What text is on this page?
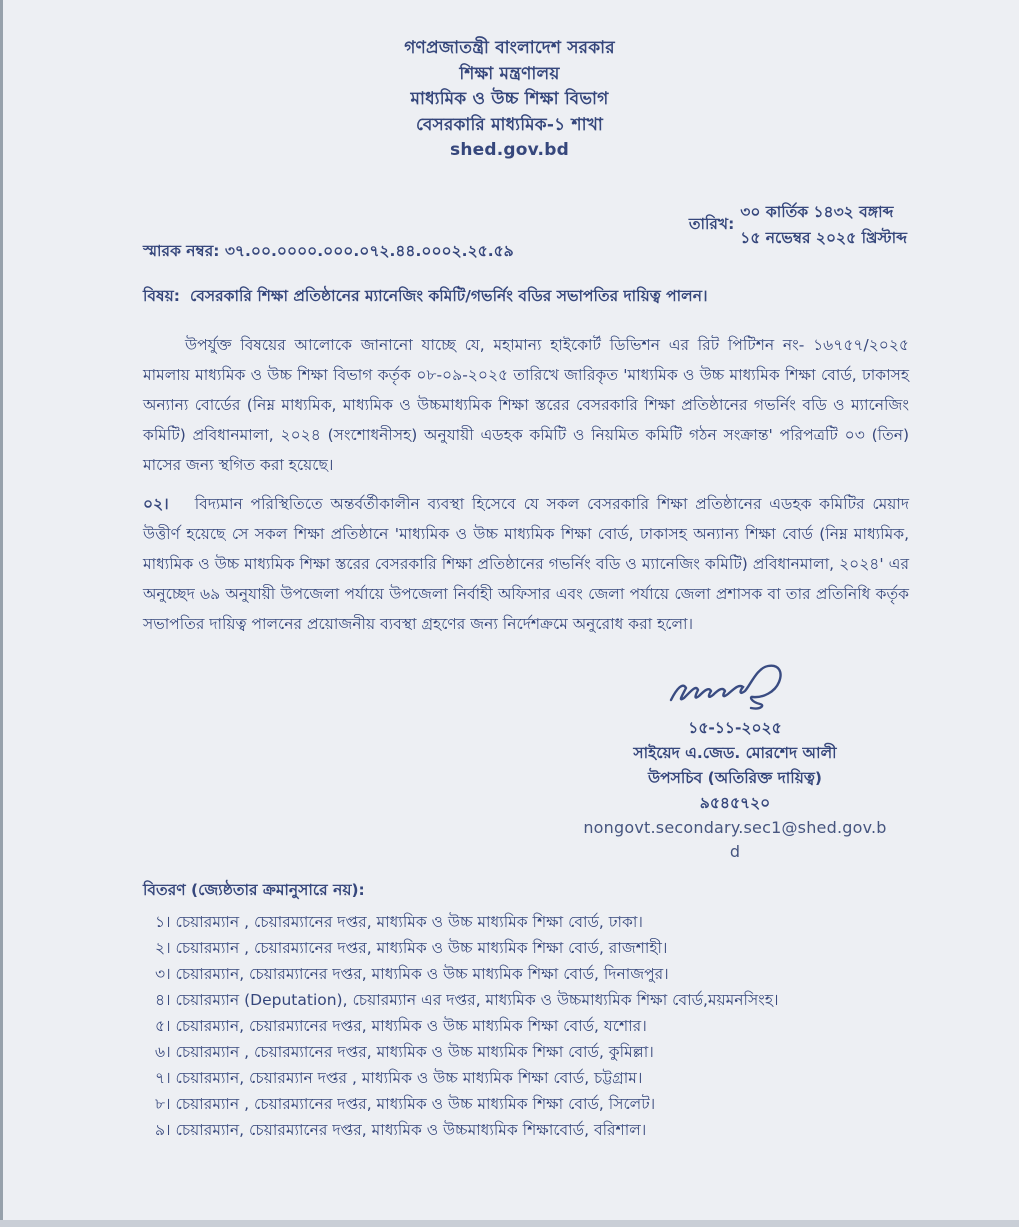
গণপ্রজাতন্ত্রী বাংলাদেশ সরকার
শিক্ষা মন্ত্রণালয়
মাধ্যমিক ও উচ্চ শিক্ষা বিভাগ
বেসরকারি মাধ্যমিক-১ শাখা
shed.gov.bd
স্মারক নম্বর: ৩৭.০০.০০০০.০০০.০৭২.৪৪.০০০২.২৫.৫৯
তারিখ:
৩০ কার্তিক ১৪৩২ বঙ্গাব্দ
১৫ নভেম্বর ২০২৫ খ্রিস্টাব্দ
বিষয়: বেসরকারি শিক্ষা প্রতিষ্ঠানের ম্যানেজিং কমিটি/গভর্নিং বডির সভাপতির দায়িত্ব পালন।
উপর্যুক্ত বিষয়ের আলোকে জানানো যাচ্ছে যে, মহামান্য হাইকোর্ট ডিভিশন এর রিট পিটিশন নং- ১৬৭৫৭/২০২৫ মামলায় মাধ্যমিক ও উচ্চ শিক্ষা বিভাগ কর্তৃক ০৮-০৯-২০২৫ তারিখে জারিকৃত 'মাধ্যমিক ও উচ্চ মাধ্যমিক শিক্ষা বোর্ড, ঢাকাসহ অন্যান্য বোর্ডের (নিম্ন মাধ্যমিক, মাধ্যমিক ও উচ্চমাধ্যমিক শিক্ষা স্তরের বেসরকারি শিক্ষা প্রতিষ্ঠানের গভর্নিং বডি ও ম্যানেজিং কমিটি) প্রবিধানমালা, ২০২৪ (সংশোধনীসহ) অনুযায়ী এডহক কমিটি ও নিয়মিত কমিটি গঠন সংক্রান্ত' পরিপত্রটি ০৩ (তিন) মাসের জন্য স্থগিত করা হয়েছে।
০২। বিদ্যমান পরিস্থিতিতে অন্তর্বর্তীকালীন ব্যবস্থা হিসেবে যে সকল বেসরকারি শিক্ষা প্রতিষ্ঠানের এডহক কমিটির মেয়াদ উত্তীর্ণ হয়েছে সে সকল শিক্ষা প্রতিষ্ঠানে 'মাধ্যমিক ও উচ্চ মাধ্যমিক শিক্ষা বোর্ড, ঢাকাসহ অন্যান্য শিক্ষা বোর্ড (নিম্ন মাধ্যমিক, মাধ্যমিক ও উচ্চ মাধ্যমিক শিক্ষা স্তরের বেসরকারি শিক্ষা প্রতিষ্ঠানের গভর্নিং বডি ও ম্যানেজিং কমিটি) প্রবিধানমালা, ২০২৪' এর অনুচ্ছেদ ৬৯ অনুযায়ী উপজেলা পর্যায়ে উপজেলা নির্বাহী অফিসার এবং জেলা পর্যায়ে জেলা প্রশাসক বা তার প্রতিনিধি কর্তৃক সভাপতির দায়িত্ব পালনের প্রয়োজনীয় ব্যবস্থা গ্রহণের জন্য নির্দেশক্রমে অনুরোধ করা হলো।
১৫-১১-২০২৫
সাইয়েদ এ.জেড. মোরশেদ আলী
উপসচিব (অতিরিক্ত দায়িত্ব)
৯৫৪৫৭২০
nongovt.secondary.sec1@shed.gov.b
d
বিতরণ (জ্যেষ্ঠতার ক্রমানুসারে নয়):
১। চেয়ারম্যান , চেয়ারম্যানের দপ্তর, মাধ্যমিক ও উচ্চ মাধ্যমিক শিক্ষা বোর্ড, ঢাকা।
২। চেয়ারম্যান , চেয়ারম্যানের দপ্তর, মাধ্যমিক ও উচ্চ মাধ্যমিক শিক্ষা বোর্ড, রাজশাহী।
৩। চেয়ারম্যান, চেয়ারম্যানের দপ্তর, মাধ্যমিক ও উচ্চ মাধ্যমিক শিক্ষা বোর্ড, দিনাজপুর।
৪। চেয়ারম্যান (Deputation), চেয়ারম্যান এর দপ্তর, মাধ্যমিক ও উচ্চমাধ্যমিক শিক্ষা বোর্ড,ময়মনসিংহ।
৫। চেয়ারম্যান, চেয়ারম্যানের দপ্তর, মাধ্যমিক ও উচ্চ মাধ্যমিক শিক্ষা বোর্ড, যশোর।
৬। চেয়ারম্যান , চেয়ারম্যানের দপ্তর, মাধ্যমিক ও উচ্চ মাধ্যমিক শিক্ষা বোর্ড, কুমিল্লা।
৭। চেয়ারম্যান, চেয়ারম্যান দপ্তর , মাধ্যমিক ও উচ্চ মাধ্যমিক শিক্ষা বোর্ড, চট্টগ্রাম।
৮। চেয়ারম্যান , চেয়ারম্যানের দপ্তর, মাধ্যমিক ও উচ্চ মাধ্যমিক শিক্ষা বোর্ড, সিলেট।
৯। চেয়ারম্যান, চেয়ারম্যানের দপ্তর, মাধ্যমিক ও উচ্চমাধ্যমিক শিক্ষাবোর্ড, বরিশাল।
